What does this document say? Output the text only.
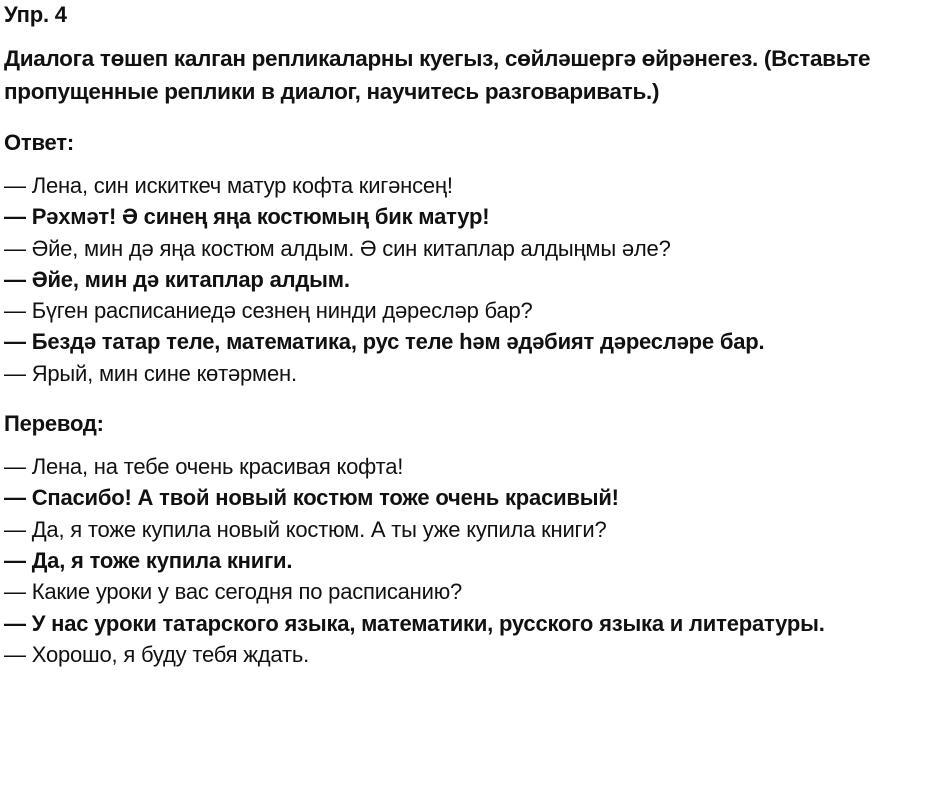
Упр. 4
Диалога төшеп калган репликаларны куегыз, сөйләшергә өйрәнегез. (Вставьте пропущенные реплики в диалог, научитесь разговаривать.)
Ответ:
— Лена, син искиткеч матур кофта кигәнсең!
— Рәхмәт! Ә синең яңа костюмың бик матур!
— Әйе, мин дә яңа костюм алдым. Ә син китаплар алдыңмы әле?
— Әйе, мин дә китаплар алдым.
— Бүген расписаниедә сезнең нинди дәресләр бар?
— Бездә татар теле, математика, рус теле һәм әдәбият дәресләре бар.
— Ярый, мин сине көтәрмен.
Перевод:
— Лена, на тебе очень красивая кофта!
— Спасибо! А твой новый костюм тоже очень красивый!
— Да, я тоже купила новый костюм. А ты уже купила книги?
— Да, я тоже купила книги.
— Какие уроки у вас сегодня по расписанию?
— У нас уроки татарского языка, математики, русского языка и литературы.
— Хорошо, я буду тебя ждать.
